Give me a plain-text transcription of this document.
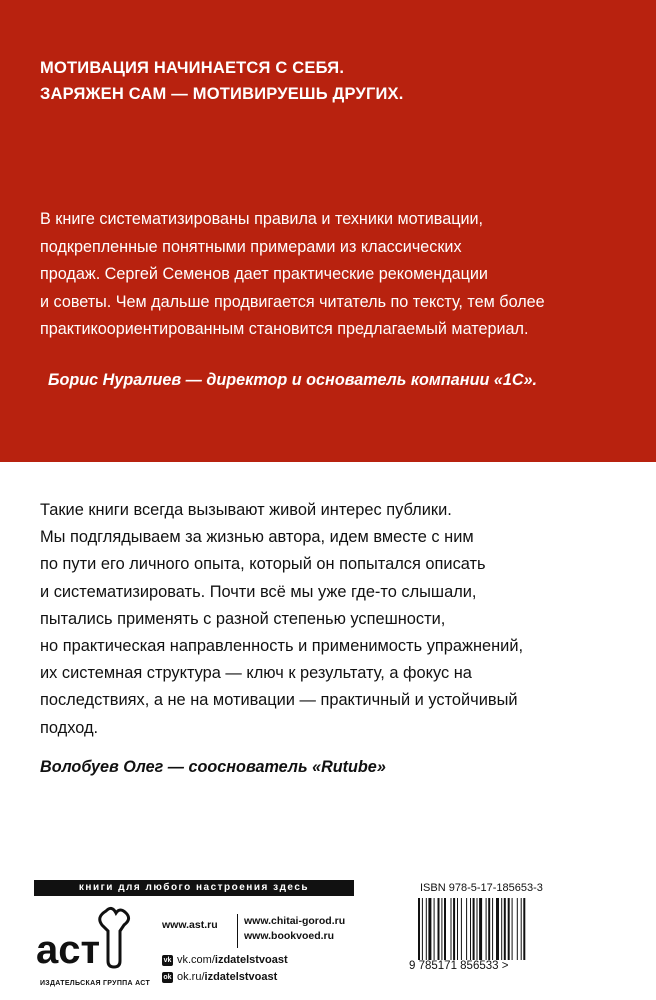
МОТИВАЦИЯ НАЧИНАЕТСЯ С СЕБЯ.
ЗАРЯЖЕН САМ — МОТИВИРУЕШЬ ДРУГИХ.
В книге систематизированы правила и техники мотивации,
подкрепленные понятными примерами из классических
продаж. Сергей Семенов дает практические рекомендации
и советы. Чем дальше продвигается читатель по тексту, тем более
практикоориентированным становится предлагаемый материал.
Борис Нуралиев — директор и основатель компании «1С».
Такие книги всегда вызывают живой интерес публики.
Мы подглядываем за жизнью автора, идем вместе с ним
по пути его личного опыта, который он попытался описать
и систематизировать. Почти всё мы уже где-то слышали,
пытались применять с разной степенью успешности,
но практическая направленность и применимость упражнений,
их системная структура — ключ к результату, а фокус на
последствиях, а не на мотивации — практичный и устойчивый
подход.
Волобуев Олег — сооснователь «Rutube»
книги для любого настроения здесь
аст
ИЗДАТЕЛЬСКАЯ ГРУППА АСТ
www.ast.ru	www.chitai-gorod.ru
www.bookvoed.ru
vk vk.com/ izdatelstvoast
ok ok.ru/ izdatelstvoast
ISBN 978-5-17-185653-3
9 785171 856533 >
